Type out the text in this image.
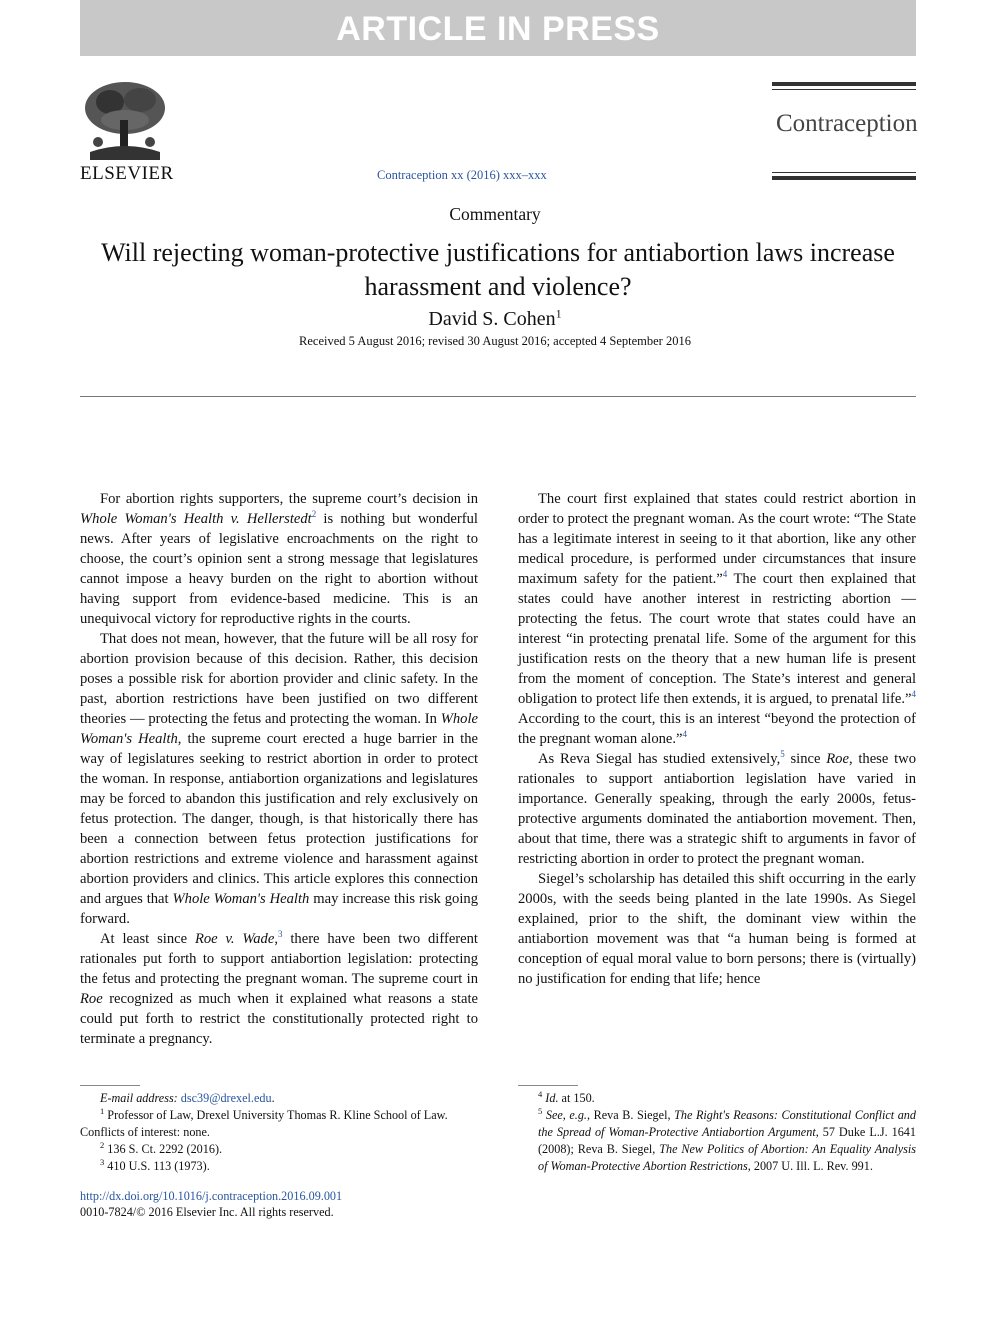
ARTICLE IN PRESS
ELSEVIER	Contraception xx (2016) xxx–xxx
Contraception
Commentary
Will rejecting woman-protective justifications for antiabortion laws increase harassment and violence?
David S. Cohen$^1$
Received 5 August 2016; revised 30 August 2016; accepted 4 September 2016

For abortion rights supporters, the supreme court’s decision in Whole Woman's Health v. Hellerstedt$^2$ is nothing but wonderful news. After years of legislative encroachments on the right to choose, the court’s opinion sent a strong message that legislatures cannot impose a heavy burden on the right to abortion without having support from evidence-based medicine. This is an unequivocal victory for reproductive rights in the courts.

That does not mean, however, that the future will be all rosy for abortion provision because of this decision. Rather, this decision poses a possible risk for abortion provider and clinic safety. In the past, abortion restrictions have been justified on two different theories — protecting the fetus and protecting the woman. In Whole Woman's Health, the supreme court erected a huge barrier in the way of legislatures seeking to restrict abortion in order to protect the woman. In response, antiabortion organizations and legislatures may be forced to abandon this justification and rely exclusively on fetus protection. The danger, though, is that historically there has been a connection between fetus protection justifications for abortion restrictions and extreme violence and harassment against abortion providers and clinics. This article explores this connection and argues that Whole Woman's Health may increase this risk going forward.

At least since Roe v. Wade,$^3$ there have been two different rationales put forth to support antiabortion legislation: protecting the fetus and protecting the pregnant woman. The supreme court in Roe recognized as much when it explained what reasons a state could put forth to restrict the constitutionally protected right to terminate a pregnancy.

The court first explained that states could restrict abortion in order to protect the pregnant woman. As the court wrote: “The State has a legitimate interest in seeing to it that abortion, like any other medical procedure, is performed under circumstances that insure maximum safety for the patient.”$^4$ The court then explained that states could have another interest in restricting abortion — protecting the fetus. The court wrote that states could have an interest “in protecting prenatal life. Some of the argument for this justification rests on the theory that a new human life is present from the moment of conception. The State’s interest and general obligation to protect life then extends, it is argued, to prenatal life.”$^4$ According to the court, this is an interest “beyond the protection of the pregnant woman alone.”$^4$

As Reva Siegal has studied extensively,$^5$ since Roe, these two rationales to support antiabortion legislation have varied in importance. Generally speaking, through the early 2000s, fetus-protective arguments dominated the antiabortion movement. Then, about that time, there was a strategic shift to arguments in favor of restricting abortion in order to protect the pregnant woman.

Siegel’s scholarship has detailed this shift occurring in the early 2000s, with the seeds being planted in the late 1990s. As Siegel explained, prior to the shift, the dominant view within the antiabortion movement was that “a human being is formed at conception of equal moral value to born persons; there is (virtually) no justification for ending that life; hence

E-mail address: dsc39@drexel.edu.

$^1$ Professor of Law, Drexel University Thomas R. Kline School of Law.

Conflicts of interest: none.

$^2$ 136 S. Ct. 2292 (2016).

$^3$ 410 U.S. 113 (1973).

$^4$ Id. at 150.

$^5$ See, e.g., Reva B. Siegel, The Right's Reasons: Constitutional Conflict and the Spread of Woman-Protective Antiabortion Argument, 57 Duke L.J. 1641 (2008); Reva B. Siegel, The New Politics of Abortion: An Equality Analysis of Woman-Protective Abortion Restrictions, 2007 U. Ill. L. Rev. 991.

http://dx.doi.org/10.1016/j.contraception.2016.09.001
0010-7824/© 2016 Elsevier Inc. All rights reserved.
